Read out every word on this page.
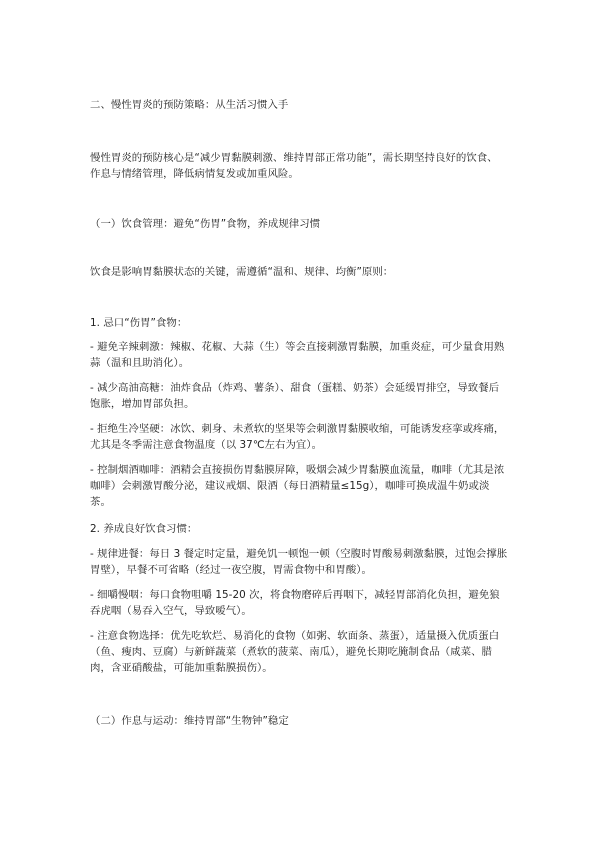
二、慢性胃炎的预防策略：从生活习惯入手
慢性胃炎的预防核心是“减少胃黏膜刺激、维持胃部正常功能”，需长期坚持良好的饮食、作息与情绪管理，降低病情复发或加重风险。
（一）饮食管理：避免“伤胃”食物，养成规律习惯
饮食是影响胃黏膜状态的关键，需遵循“温和、规律、均衡”原则：
1. 忌口“伤胃”食物：
- 避免辛辣刺激：辣椒、花椒、大蒜（生）等会直接刺激胃黏膜，加重炎症，可少量食用熟蒜（温和且助消化）。
- 减少高油高糖：油炸食品（炸鸡、薯条）、甜食（蛋糕、奶茶）会延缓胃排空，导致餐后饱胀，增加胃部负担。
- 拒绝生冷坚硬：冰饮、刺身、未煮软的坚果等会刺激胃黏膜收缩，可能诱发痉挛或疼痛，尤其是冬季需注意食物温度（以 37℃左右为宜）。
- 控制烟酒咖啡：酒精会直接损伤胃黏膜屏障，吸烟会减少胃黏膜血流量，咖啡（尤其是浓咖啡）会刺激胃酸分泌，建议戒烟、限酒（每日酒精量≤15g），咖啡可换成温牛奶或淡茶。
2. 养成良好饮食习惯：
- 规律进餐：每日 3 餐定时定量，避免饥一顿饱一顿（空腹时胃酸易刺激黏膜，过饱会撑胀胃壁），早餐不可省略（经过一夜空腹，胃需食物中和胃酸）。
- 细嚼慢咽：每口食物咀嚼 15-20 次，将食物磨碎后再咽下，减轻胃部消化负担，避免狼吞虎咽（易吞入空气，导致嗳气）。
- 注意食物选择：优先吃软烂、易消化的食物（如粥、软面条、蒸蛋），适量摄入优质蛋白（鱼、瘦肉、豆腐）与新鲜蔬菜（煮软的菠菜、南瓜），避免长期吃腌制食品（咸菜、腊肉，含亚硝酸盐，可能加重黏膜损伤）。
（二）作息与运动：维持胃部“生物钟”稳定
